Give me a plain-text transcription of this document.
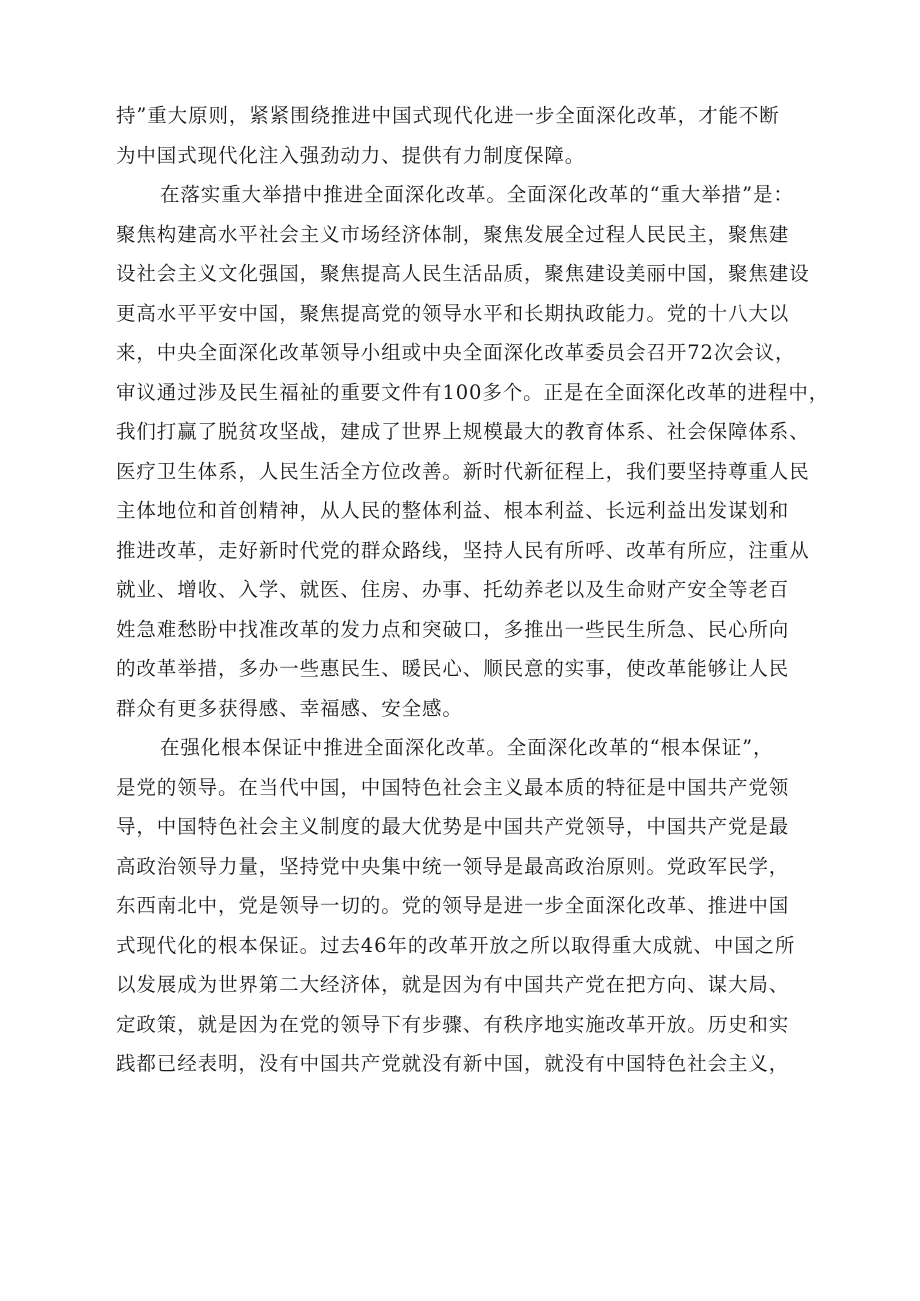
持”重大原则，紧紧围绕推进中国式现代化进一步全面深化改革，才能不断
为中国式现代化注入强劲动力、提供有力制度保障。
在落实重大举措中推进全面深化改革。全面深化改革的“重大举措”是：
聚焦构建高水平社会主义市场经济体制，聚焦发展全过程人民民主，聚焦建
设社会主义文化强国，聚焦提高人民生活品质，聚焦建设美丽中国，聚焦建设
更高水平平安中国，聚焦提高党的领导水平和长期执政能力。党的十八大以
来，中央全面深化改革领导小组或中央全面深化改革委员会召开72次会议，
审议通过涉及民生福祉的重要文件有100多个。正是在全面深化改革的进程中，
我们打赢了脱贫攻坚战，建成了世界上规模最大的教育体系、社会保障体系、
医疗卫生体系，人民生活全方位改善。新时代新征程上，我们要坚持尊重人民
主体地位和首创精神，从人民的整体利益、根本利益、长远利益出发谋划和
推进改革，走好新时代党的群众路线，坚持人民有所呼、改革有所应，注重从
就业、增收、入学、就医、住房、办事、托幼养老以及生命财产安全等老百
姓急难愁盼中找准改革的发力点和突破口，多推出一些民生所急、民心所向
的改革举措，多办一些惠民生、暖民心、顺民意的实事，使改革能够让人民
群众有更多获得感、幸福感、安全感。
在强化根本保证中推进全面深化改革。全面深化改革的“根本保证”，
是党的领导。在当代中国，中国特色社会主义最本质的特征是中国共产党领
导，中国特色社会主义制度的最大优势是中国共产党领导，中国共产党是最
高政治领导力量，坚持党中央集中统一领导是最高政治原则。党政军民学，
东西南北中，党是领导一切的。党的领导是进一步全面深化改革、推进中国
式现代化的根本保证。过去46年的改革开放之所以取得重大成就、中国之所
以发展成为世界第二大经济体，就是因为有中国共产党在把方向、谋大局、
定政策，就是因为在党的领导下有步骤、有秩序地实施改革开放。历史和实
践都已经表明，没有中国共产党就没有新中国，就没有中国特色社会主义，
